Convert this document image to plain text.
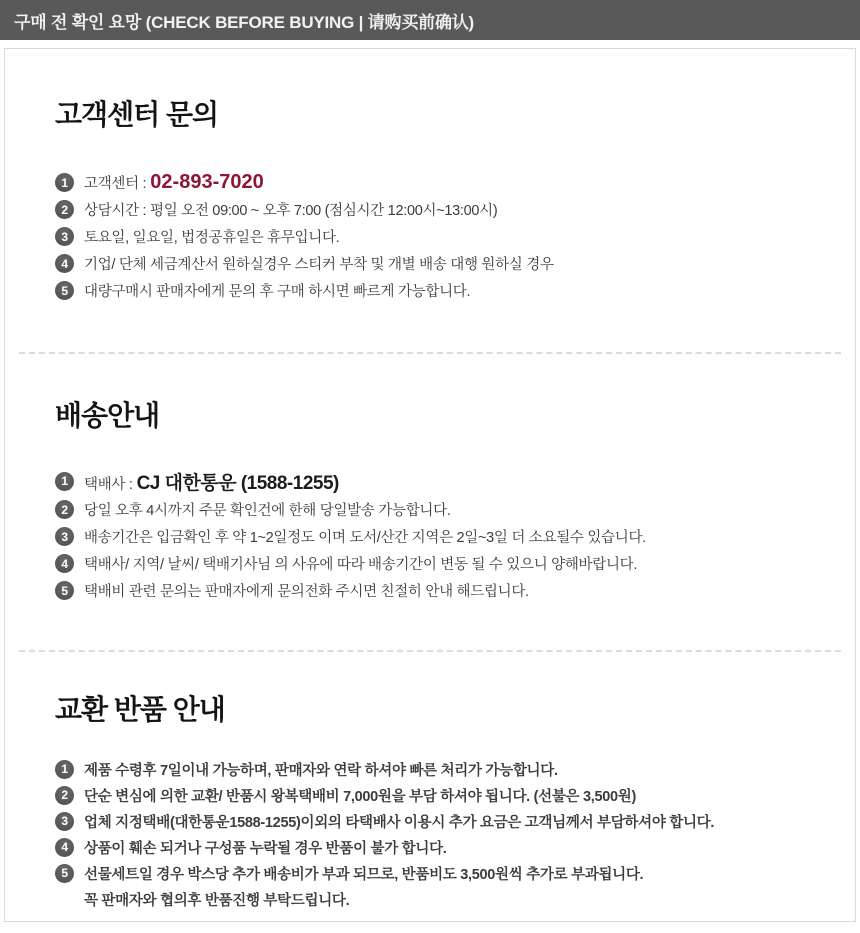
구매 전 확인 요망 (CHECK BEFORE BUYING | 请购买前确认)
고객센터 문의
1	고객센터 : 02-893-7020
2	상담시간 : 평일 오전 09:00 ~ 오후 7:00 (점심시간 12:00시~13:00시)
3	토요일, 일요일, 법정공휴일은 휴무입니다.
4	기업/ 단체 세금계산서 원하실경우 스티커 부착 및 개별 배송 대행 원하실 경우
5	대량구매시 판매자에게 문의 후 구매 하시면 빠르게 가능합니다.
배송안내
1	택배사 : CJ 대한통운 (1588-1255)
2	당일 오후 4시까지 주문 확인건에 한해 당일발송 가능합니다.
3	배송기간은 입금확인 후 약 1~2일정도 이며 도서/산간 지역은 2일~3일 더 소요될수 있습니다.
4	택배사/ 지역/ 날씨/ 택배기사님 의 사유에 따라 배송기간이 변동 될 수 있으니 양해바랍니다.
5	택배비 관련 문의는 판매자에게 문의전화 주시면 친절히 안내 해드립니다.
교환 반품 안내
1	제품 수령후 7일이내 가능하며, 판매자와 연락 하셔야 빠른 처리가 가능합니다.
2	단순 변심에 의한 교환/ 반품시 왕복택배비 7,000원을 부담 하셔야 됩니다. (선불은 3,500원)
3	업체 지정택배(대한통운1588-1255)이외의 타택배사 이용시 추가 요금은 고객님께서 부담하셔야 합니다.
4	상품이 훼손 되거나 구성품 누락될 경우 반품이 불가 합니다.
5	선물세트일 경우 박스당 추가 배송비가 부과 되므로, 반품비도 3,500원씩 추가로 부과됩니다.
꼭 판매자와 협의후 반품진행 부탁드립니다.
